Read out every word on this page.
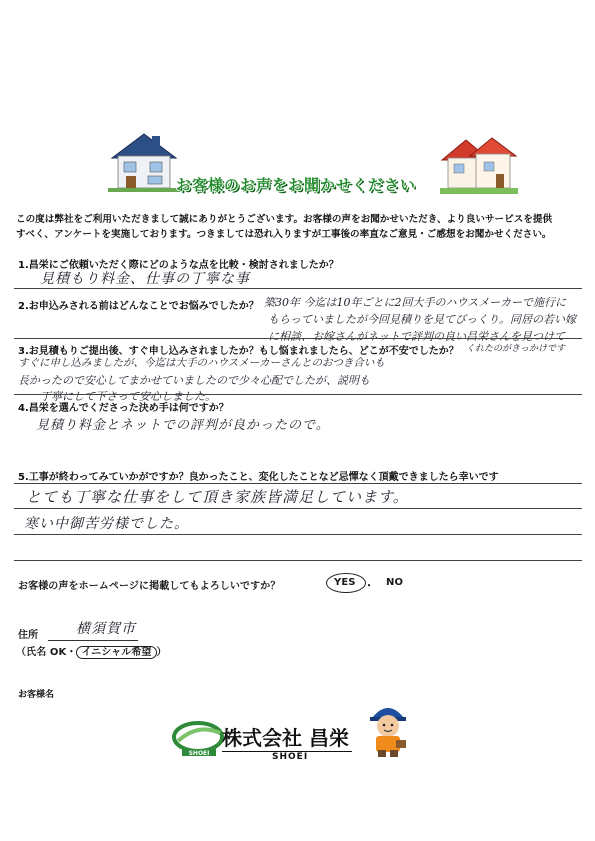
お客様のお声をお聞かせください
この度は弊社をご利用いただきまして誠にありがとうございます。お客様の声をお聞かせいただき、より良いサービスを提供
すべく、アンケートを実施しております。つきましては恐れ入りますが工事後の率直なご意見・ご感想をお聞かせください。
1.昌栄にご依頼いただく際にどのような点を比較・検討されましたか？
見積もり料金、仕事の丁寧な事
2.お申込みされる前はどんなことでお悩みでしたか？ 築30年 今迄は10年ごとに2回大手のハウスメーカーで施行に
もらっていましたが今回見積りを見てびっくり。同居の若い嫁
に相談、お嫁さんがネットで評判の良い昌栄さんを見つけて
3.お見積もりご提出後、すぐ申し込みされましたか？もし悩まれましたら、どこが不安でしたか？ くれたのがきっかけです
すぐに申し込みましたが、今迄は大手のハウスメーカーさんとのおつき合いも
長かったので安心してまかせていましたので少々心配でしたが、説明も
丁寧にして下さって安心しました。
4.昌栄を選んでくださった決め手は何ですか？
見積り料金とネットでの評判が良かったので。
5.工事が終わってみていかがですか？良かったこと、変化したことなど忌憚なく頂戴できましたら幸いです
とても丁寧な仕事をして頂き家族皆満足しています。
寒い中御苦労様でした。
お客様の声をホームページに掲載してもよろしいですか？	YES ・ NO
住所	横須賀市
（氏名 OK・ イニシャル希望 ）
お客様名
SHOEI
株式会社 昌栄
SHOEI
